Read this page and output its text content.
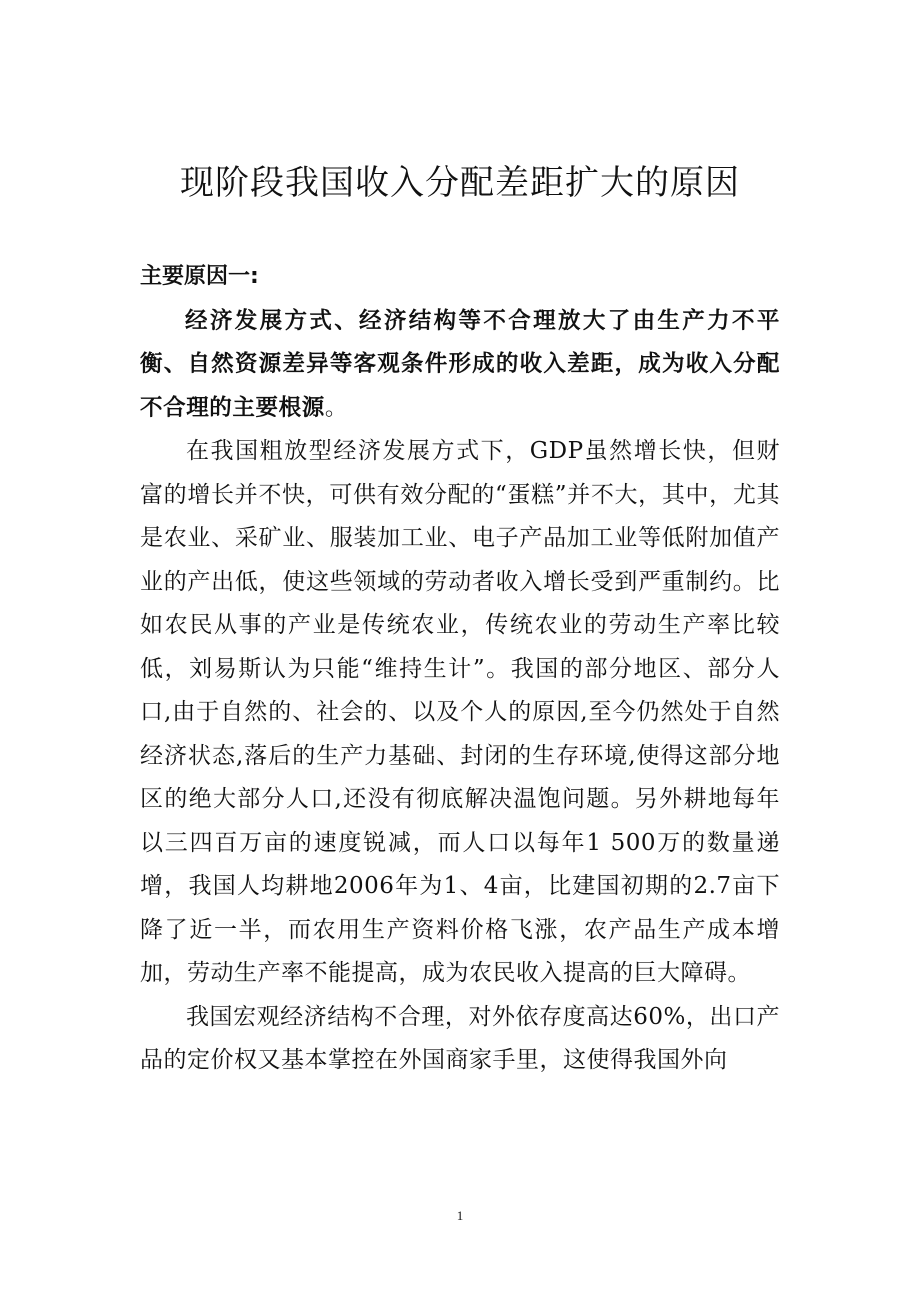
现阶段我国收入分配差距扩大的原因

主要原因一:

经济发展方式、经济结构等不合理放大了由生产力不平衡、自然资源差异等客观条件形成的收入差距，成为收入分配不合理的主要根源。

在我国粗放型经济发展方式下，GDP虽然增长快，但财富的增长并不快，可供有效分配的“蛋糕”并不大，其中，尤其是农业、采矿业、服装加工业、电子产品加工业等低附加值产业的产出低，使这些领域的劳动者收入增长受到严重制约。比如农民从事的产业是传统农业，传统农业的劳动生产率比较低，刘易斯认为只能“维持生计”。我国的部分地区、部分人口,由于自然的、社会的、以及个人的原因,至今仍然处于自然经济状态,落后的生产力基础、封闭的生存环境,使得这部分地区的绝大部分人口,还没有彻底解决温饱问题。另外耕地每年以三四百万亩的速度锐减，而人口以每年1 500万的数量递增，我国人均耕地2006年为1、4亩，比建国初期的2.7亩下降了近一半，而农用生产资料价格飞涨，农产品生产成本增加，劳动生产率不能提高，成为农民收入提高的巨大障碍。

我国宏观经济结构不合理，对外依存度高达60%，出口产品的定价权又基本掌控在外国商家手里，这使得我国外向

1
